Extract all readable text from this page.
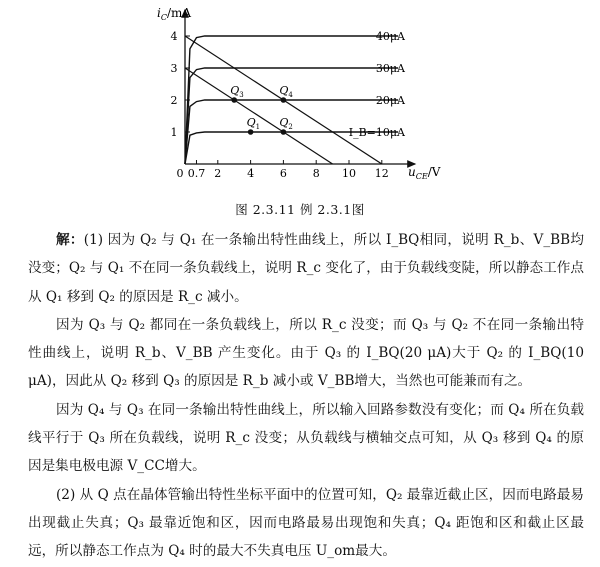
40μA
30μA
20μA
I_B=10μA
1
2
3
4
0 0.7 2 4 6 8 10 12
$Q_1$ $Q_2$
$Q_3$	$Q_4$
$i_C/mA$
$u_{CE}/V$
图 2.3.11 例 2.3.1图

解：(1) 因为 Q₂ 与 Q₁ 在一条输出特性曲线上，所以 I_BQ相同，说明 R_b、V_BB均没变；Q₂ 与 Q₁ 不在同一条负载线上，说明 R_c 变化了，由于负载线变陡，所以静态工作点从 Q₁ 移到 Q₂ 的原因是 R_c 减小。

因为 Q₃ 与 Q₂ 都同在一条负载线上，所以 R_c 没变；而 Q₃ 与 Q₂ 不在同一条输出特性曲线上，说明 R_b、V_BB 产生变化。由于 Q₃ 的 I_BQ(20 μA)大于 Q₂ 的 I_BQ(10 μA)，因此从 Q₂ 移到 Q₃ 的原因是 R_b 减小或 V_BB增大，当然也可能兼而有之。

因为 Q₄ 与 Q₃ 在同一条输出特性曲线上，所以输入回路参数没有变化；而 Q₄ 所在负载线平行于 Q₃ 所在负载线，说明 R_c 没变；从负载线与横轴交点可知，从 Q₃ 移到 Q₄ 的原因是集电极电源 V_CC增大。

(2) 从 Q 点在晶体管输出特性坐标平面中的位置可知，Q₂ 最靠近截止区，因而电路最易出现截止失真；Q₃ 最靠近饱和区，因而电路最易出现饱和失真；Q₄ 距饱和区和截止区最远，所以静态工作点为 Q₄ 时的最大不失真电压 U_om最大。
